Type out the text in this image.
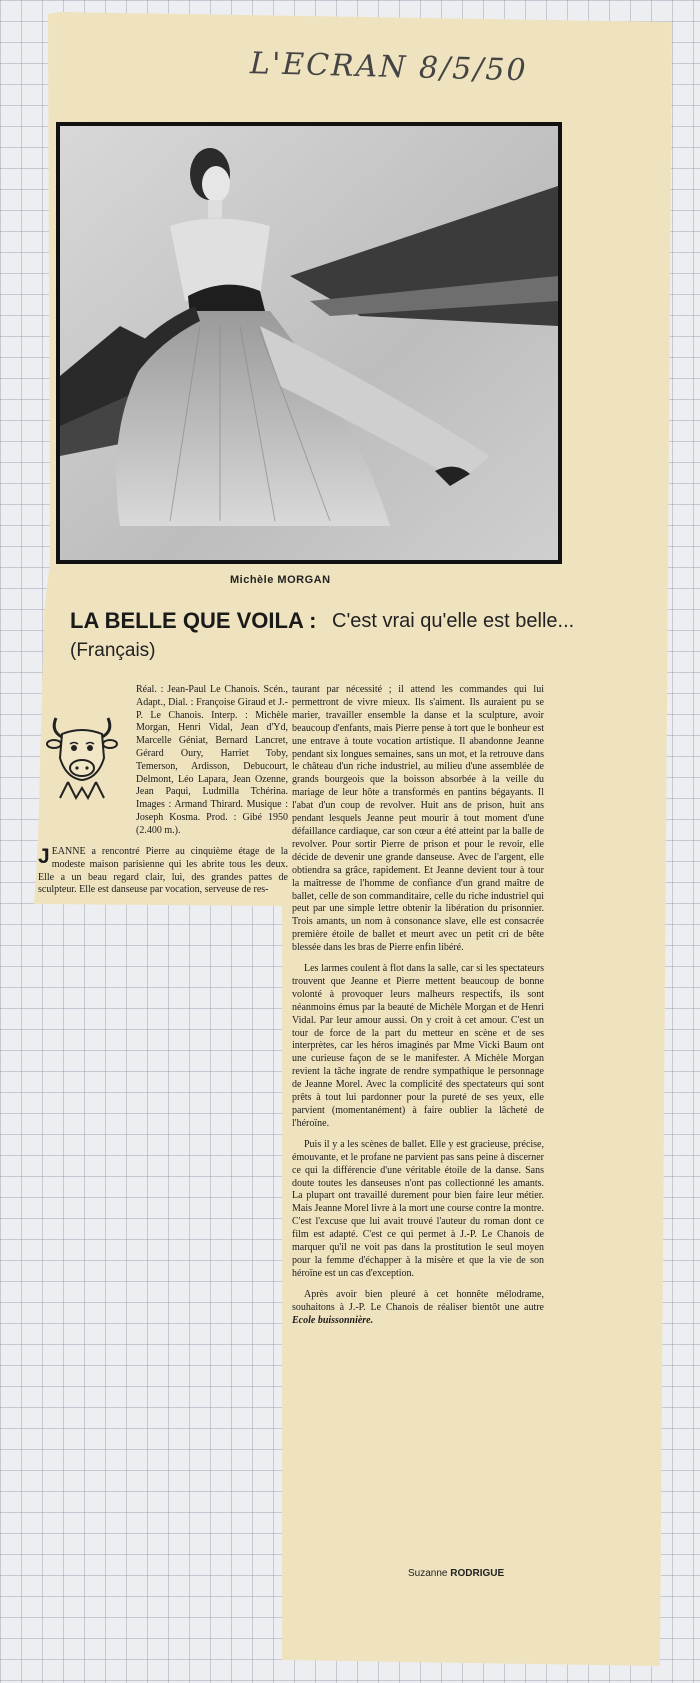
L'ECRAN 8/5/50
Michèle MORGAN
LA BELLE QUE VOILA : C'est vrai qu'elle est belle...
(Français)

Réal. : Jean-Paul Le Chanois. Scén., Adapt., Dial. : Françoise Giraud et J.-P. Le Chanois. Interp. : Michèle Morgan, Henri Vidal, Jean d'Yd, Marcelle Géniat, Bernard Lancret, Gérard Oury, Harriet Toby, Temerson, Ardisson, Debucourt, Delmont, Léo Lapara, Jean Ozenne, Jean Paqui, Ludmilla Tchérina. Images : Armand Thirard. Musique : Joseph Kosma. Prod. : Gibé 1950 (2.400 m.).

JEANNE a rencontré Pierre au cinquième étage de la modeste maison parisienne qui les abrite tous les deux. Elle a un beau regard clair, lui, des grandes pattes de sculpteur. Elle est danseuse par vocation, serveuse de res-

taurant par nécessité ; il attend les commandes qui lui permettront de vivre mieux. Ils s'aiment. Ils auraient pu se marier, travailler ensemble la danse et la sculpture, avoir beaucoup d'enfants, mais Pierre pense à tort que le bonheur est une entrave à toute vocation artistique. Il abandonne Jeanne pendant six longues semaines, sans un mot, et la retrouve dans le château d'un riche industriel, au milieu d'une assemblée de grands bourgeois que la boisson absorbée à la veille du mariage de leur hôte a transformés en pantins bégayants. Il l'abat d'un coup de revolver. Huit ans de prison, huit ans pendant lesquels Jeanne peut mourir à tout moment d'une défaillance cardiaque, car son cœur a été atteint par la balle de revolver. Pour sortir Pierre de prison et pour le revoir, elle décide de devenir une grande danseuse. Avec de l'argent, elle obtiendra sa grâce, rapidement. Et Jeanne devient tour à tour la maîtresse de l'homme de confiance d'un grand maître de ballet, celle de son commanditaire, celle du riche industriel qui peut par une simple lettre obtenir la libération du prisonnier. Trois amants, un nom à consonance slave, elle est consacrée première étoile de ballet et meurt avec un petit cri de bête blessée dans les bras de Pierre enfin libéré.

Les larmes coulent à flot dans la salle, car si les spectateurs trouvent que Jeanne et Pierre mettent beaucoup de bonne volonté à provoquer leurs malheurs respectifs, ils sont néanmoins émus par la beauté de Michèle Morgan et de Henri Vidal. Par leur amour aussi. On y croit à cet amour. C'est un tour de force de la part du metteur en scène et de ses interprètes, car les héros imaginés par Mme Vicki Baum ont une curieuse façon de se le manifester. A Michèle Morgan revient la tâche ingrate de rendre sympathique le personnage de Jeanne Morel. Avec la complicité des spectateurs qui sont prêts à tout lui pardonner pour la pureté de ses yeux, elle parvient (momentanément) à faire oublier la lâcheté de l'héroïne.

Puis il y a les scènes de ballet. Elle y est gracieuse, précise, émouvante, et le profane ne parvient pas sans peine à discerner ce qui la différencie d'une véritable étoile de la danse. Sans doute toutes les danseuses n'ont pas collectionné les amants. La plupart ont travaillé durement pour bien faire leur métier. Mais Jeanne Morel livre à la mort une course contre la montre. C'est l'excuse que lui avait trouvé l'auteur du roman dont ce film est adapté. C'est ce qui permet à J.-P. Le Chanois de marquer qu'il ne voit pas dans la prostitution le seul moyen pour la femme d'échapper à la misère et que la vie de son héroïne est un cas d'exception.

Après avoir bien pleuré à cet honnête mélodrame, souhaitons à J.-P. Le Chanois de réaliser bientôt une autre Ecole buissonnière.

Suzanne RODRIGUE
